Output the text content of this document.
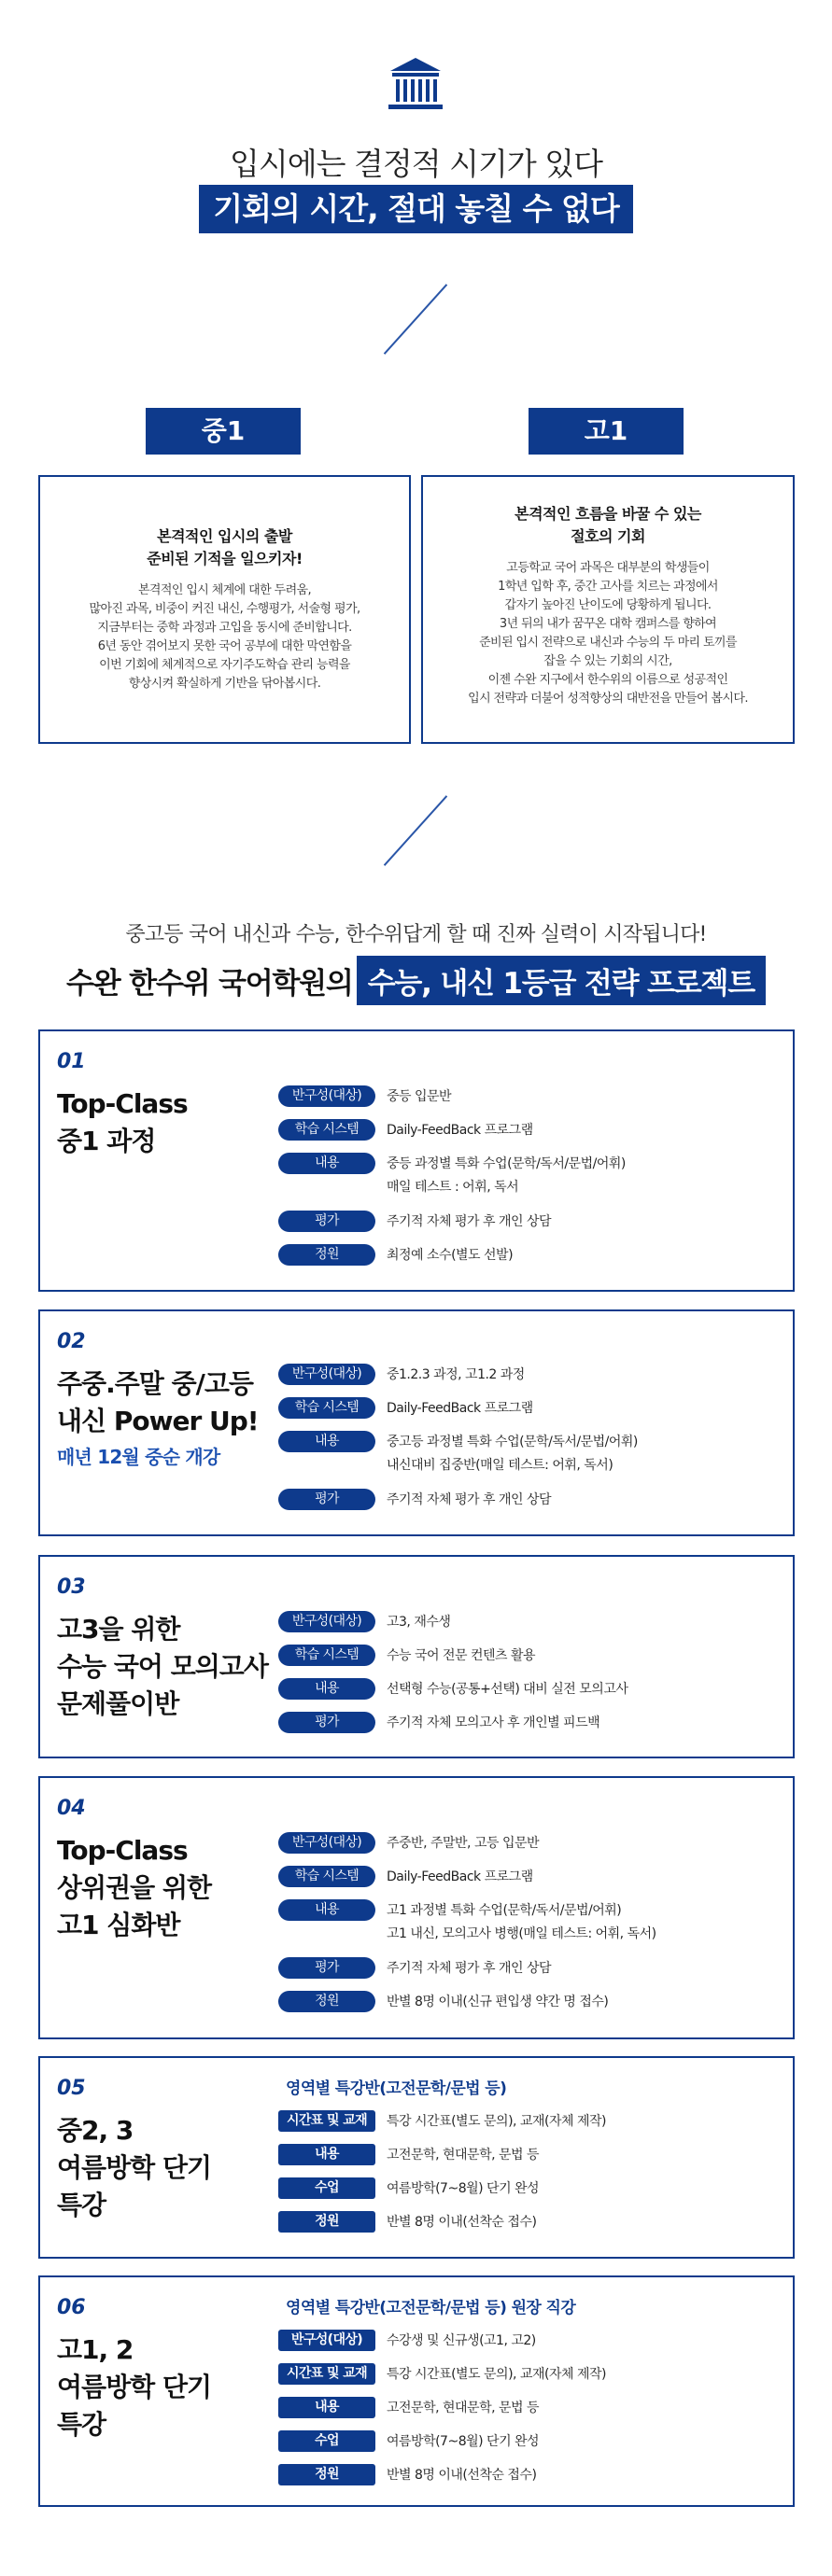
입시에는 결정적 시기가 있다
기회의 시간, 절대 놓칠 수 없다
중1	고1
본격적인 입시의 출발
준비된 기적을 일으키자!
본격적인 입시 체계에 대한 두려움,
많아진 과목, 비중이 커진 내신, 수행평가, 서술형 평가,
지금부터는 중학 과정과 고입을 동시에 준비합니다.
6년 동안 겪어보지 못한 국어 공부에 대한 막연함을
이번 기회에 체계적으로 자기주도학습 관리 능력을
향상시켜 확실하게 기반을 닦아봅시다.
본격적인 흐름을 바꿀 수 있는
절호의 기회
고등학교 국어 과목은 대부분의 학생들이
1학년 입학 후, 중간 고사를 치르는 과정에서
갑자기 높아진 난이도에 당황하게 됩니다.
3년 뒤의 내가 꿈꾸온 대학 캠퍼스를 향하여
준비된 입시 전략으로 내신과 수능의 두 마리 토끼를
잡을 수 있는 기회의 시간,
이젠 수완 지구에서 한수위의 이름으로 성공적인
입시 전략과 더불어 성적향상의 대반전을 만들어 봅시다.
중고등 국어 내신과 수능, 한수위답게 할 때 진짜 실력이 시작됩니다!
수완 한수위 국어학원의 수능, 내신 1등급 전략 프로젝트
01
Top-Class
중1 과정
반구성(대상)	중등 입문반
학습 시스템	Daily-FeedBack 프로그램
내용	중등 과정별 특화 수업(문학/독서/문법/어휘)
매일 테스트 : 어휘, 독서
평가	주기적 자체 평가 후 개인 상담
정원	최정예 소수(별도 선발)
02
주중.주말 중/고등
내신 Power Up!
매년 12월 중순 개강
반구성(대상)	중1.2.3 과정, 고1.2 과정
학습 시스템	Daily-FeedBack 프로그램
내용	중고등 과정별 특화 수업(문학/독서/문법/어휘)
내신대비 집중반(매일 테스트: 어휘, 독서)
평가	주기적 자체 평가 후 개인 상담
03
고3을 위한
수능 국어 모의고사
문제풀이반
반구성(대상)	고3, 재수생
학습 시스템	수능 국어 전문 컨텐츠 활용
내용	선택형 수능(공통+선택) 대비 실전 모의고사
평가	주기적 자체 모의고사 후 개인별 피드백
04
Top-Class
상위권을 위한
고1 심화반
반구성(대상)	주중반, 주말반, 고등 입문반
학습 시스템	Daily-FeedBack 프로그램
내용	고1 과정별 특화 수업(문학/독서/문법/어휘)
고1 내신, 모의고사 병행(매일 테스트: 어휘, 독서)
평가	주기적 자체 평가 후 개인 상담
정원	반별 8명 이내(신규 편입생 약간 명 접수)
05
중2, 3
여름방학 단기
특강
영역별 특강반(고전문학/문법 등)
시간표 및 교재	특강 시간표(별도 문의), 교재(자체 제작)
내용	고전문학, 현대문학, 문법 등
수업	여름방학(7~8월) 단기 완성
정원	반별 8명 이내(선착순 접수)
06
고1, 2
여름방학 단기
특강
영역별 특강반(고전문학/문법 등) 원장 직강
반구성(대상)	수강생 및 신규생(고1, 고2)
시간표 및 교재	특강 시간표(별도 문의), 교재(자체 제작)
내용	고전문학, 현대문학, 문법 등
수업	여름방학(7~8월) 단기 완성
정원	반별 8명 이내(선착순 접수)
